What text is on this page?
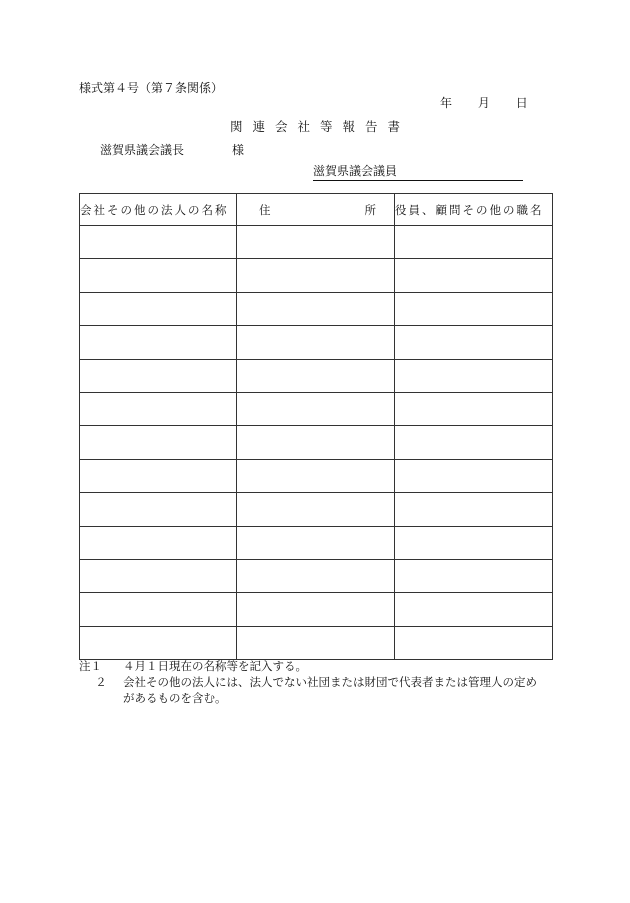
様式第４号（第７条関係）
年 月 日
関連会社等報告書
滋賀県議会議長	様
滋賀県議会議員
会社その他の法人の名称	住 所	役員、顧問その他の職名

注１ ４月１日現在の名称等を記入する。
２ 会社その他の法人には、法人でない社団または財団で代表者または管理人の定め
があるものを含む。
